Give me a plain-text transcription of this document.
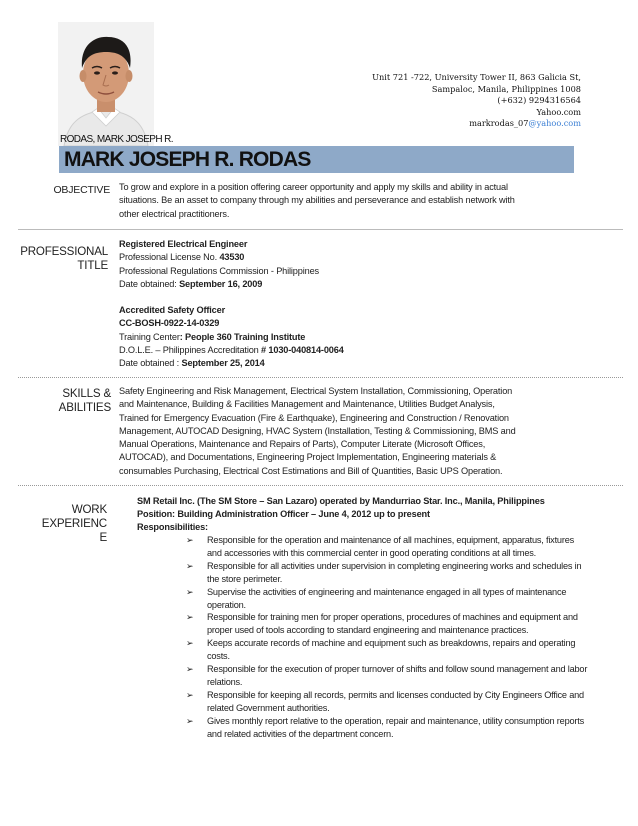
RODAS, MARK JOSEPH R.
Unit 721 -722, University Tower II, 863 Galicia St,
Sampaloc, Manila, Philippines 1008
(+632) 9294316564
Yahoo.com
markrodas_07@yahoo.com
MARK JOSEPH R. RODAS
OBJECTIVE To grow and explore in a position offering career opportunity and apply my skills and ability in actual
situations. Be an asset to company through my abilities and perseverance and establish network with
other electrical practitioners.
PROFESSIONAL
TITLE
Registered Electrical Engineer
Professional License No. 43530
Professional Regulations Commission - Philippines
Date obtained: September 16, 2009
Accredited Safety Officer
CC-BOSH-0922-14-0329
Training Center: People 360 Training Institute
D.O.L.E. – Philippines Accreditation # 1030-040814-0064
Date obtained : September 25, 2014
SKILLS &
ABILITIES
Safety Engineering and Risk Management, Electrical System Installation, Commissioning, Operation
and Maintenance, Building & Facilities Management and Maintenance, Utilities Budget Analysis,
Trained for Emergency Evacuation (Fire & Earthquake), Engineering and Construction / Renovation
Management, AUTOCAD Designing, HVAC System (Installation, Testing & Commissioning, BMS and
Manual Operations, Maintenance and Repairs of Parts), Computer Literate (Microsoft Offices,
AUTOCAD), and Documentations, Engineering Project Implementation, Engineering materials &
consumables Purchasing, Electrical Cost Estimations and Bill of Quantities, Basic UPS Operation.
WORK
EXPERIENC
E
SM Retail Inc. (The SM Store – San Lazaro) operated by Mandurriao Star. Inc., Manila, Philippines
Position: Building Administration Officer – June 4, 2012 up to present
Responsibilities:
➢ Responsible for the operation and maintenance of all machines, equipment, apparatus, fixtures
and accessories with this commercial center in good operating conditions at all times.
➢ Responsible for all activities under supervision in completing engineering works and schedules in
the store perimeter.
➢ Supervise the activities of engineering and maintenance engaged in all types of maintenance
operation.
➢ Responsible for training men for proper operations, procedures of machines and equipment and
proper used of tools according to standard engineering and maintenance practices.
➢ Keeps accurate records of machine and equipment such as breakdowns, repairs and operating
costs.
➢ Responsible for the execution of proper turnover of shifts and follow sound management and labor
relations.
➢ Responsible for keeping all records, permits and licenses conducted by City Engineers Office and
related Government authorities.
➢ Gives monthly report relative to the operation, repair and maintenance, utility consumption reports
and related activities of the department concern.
